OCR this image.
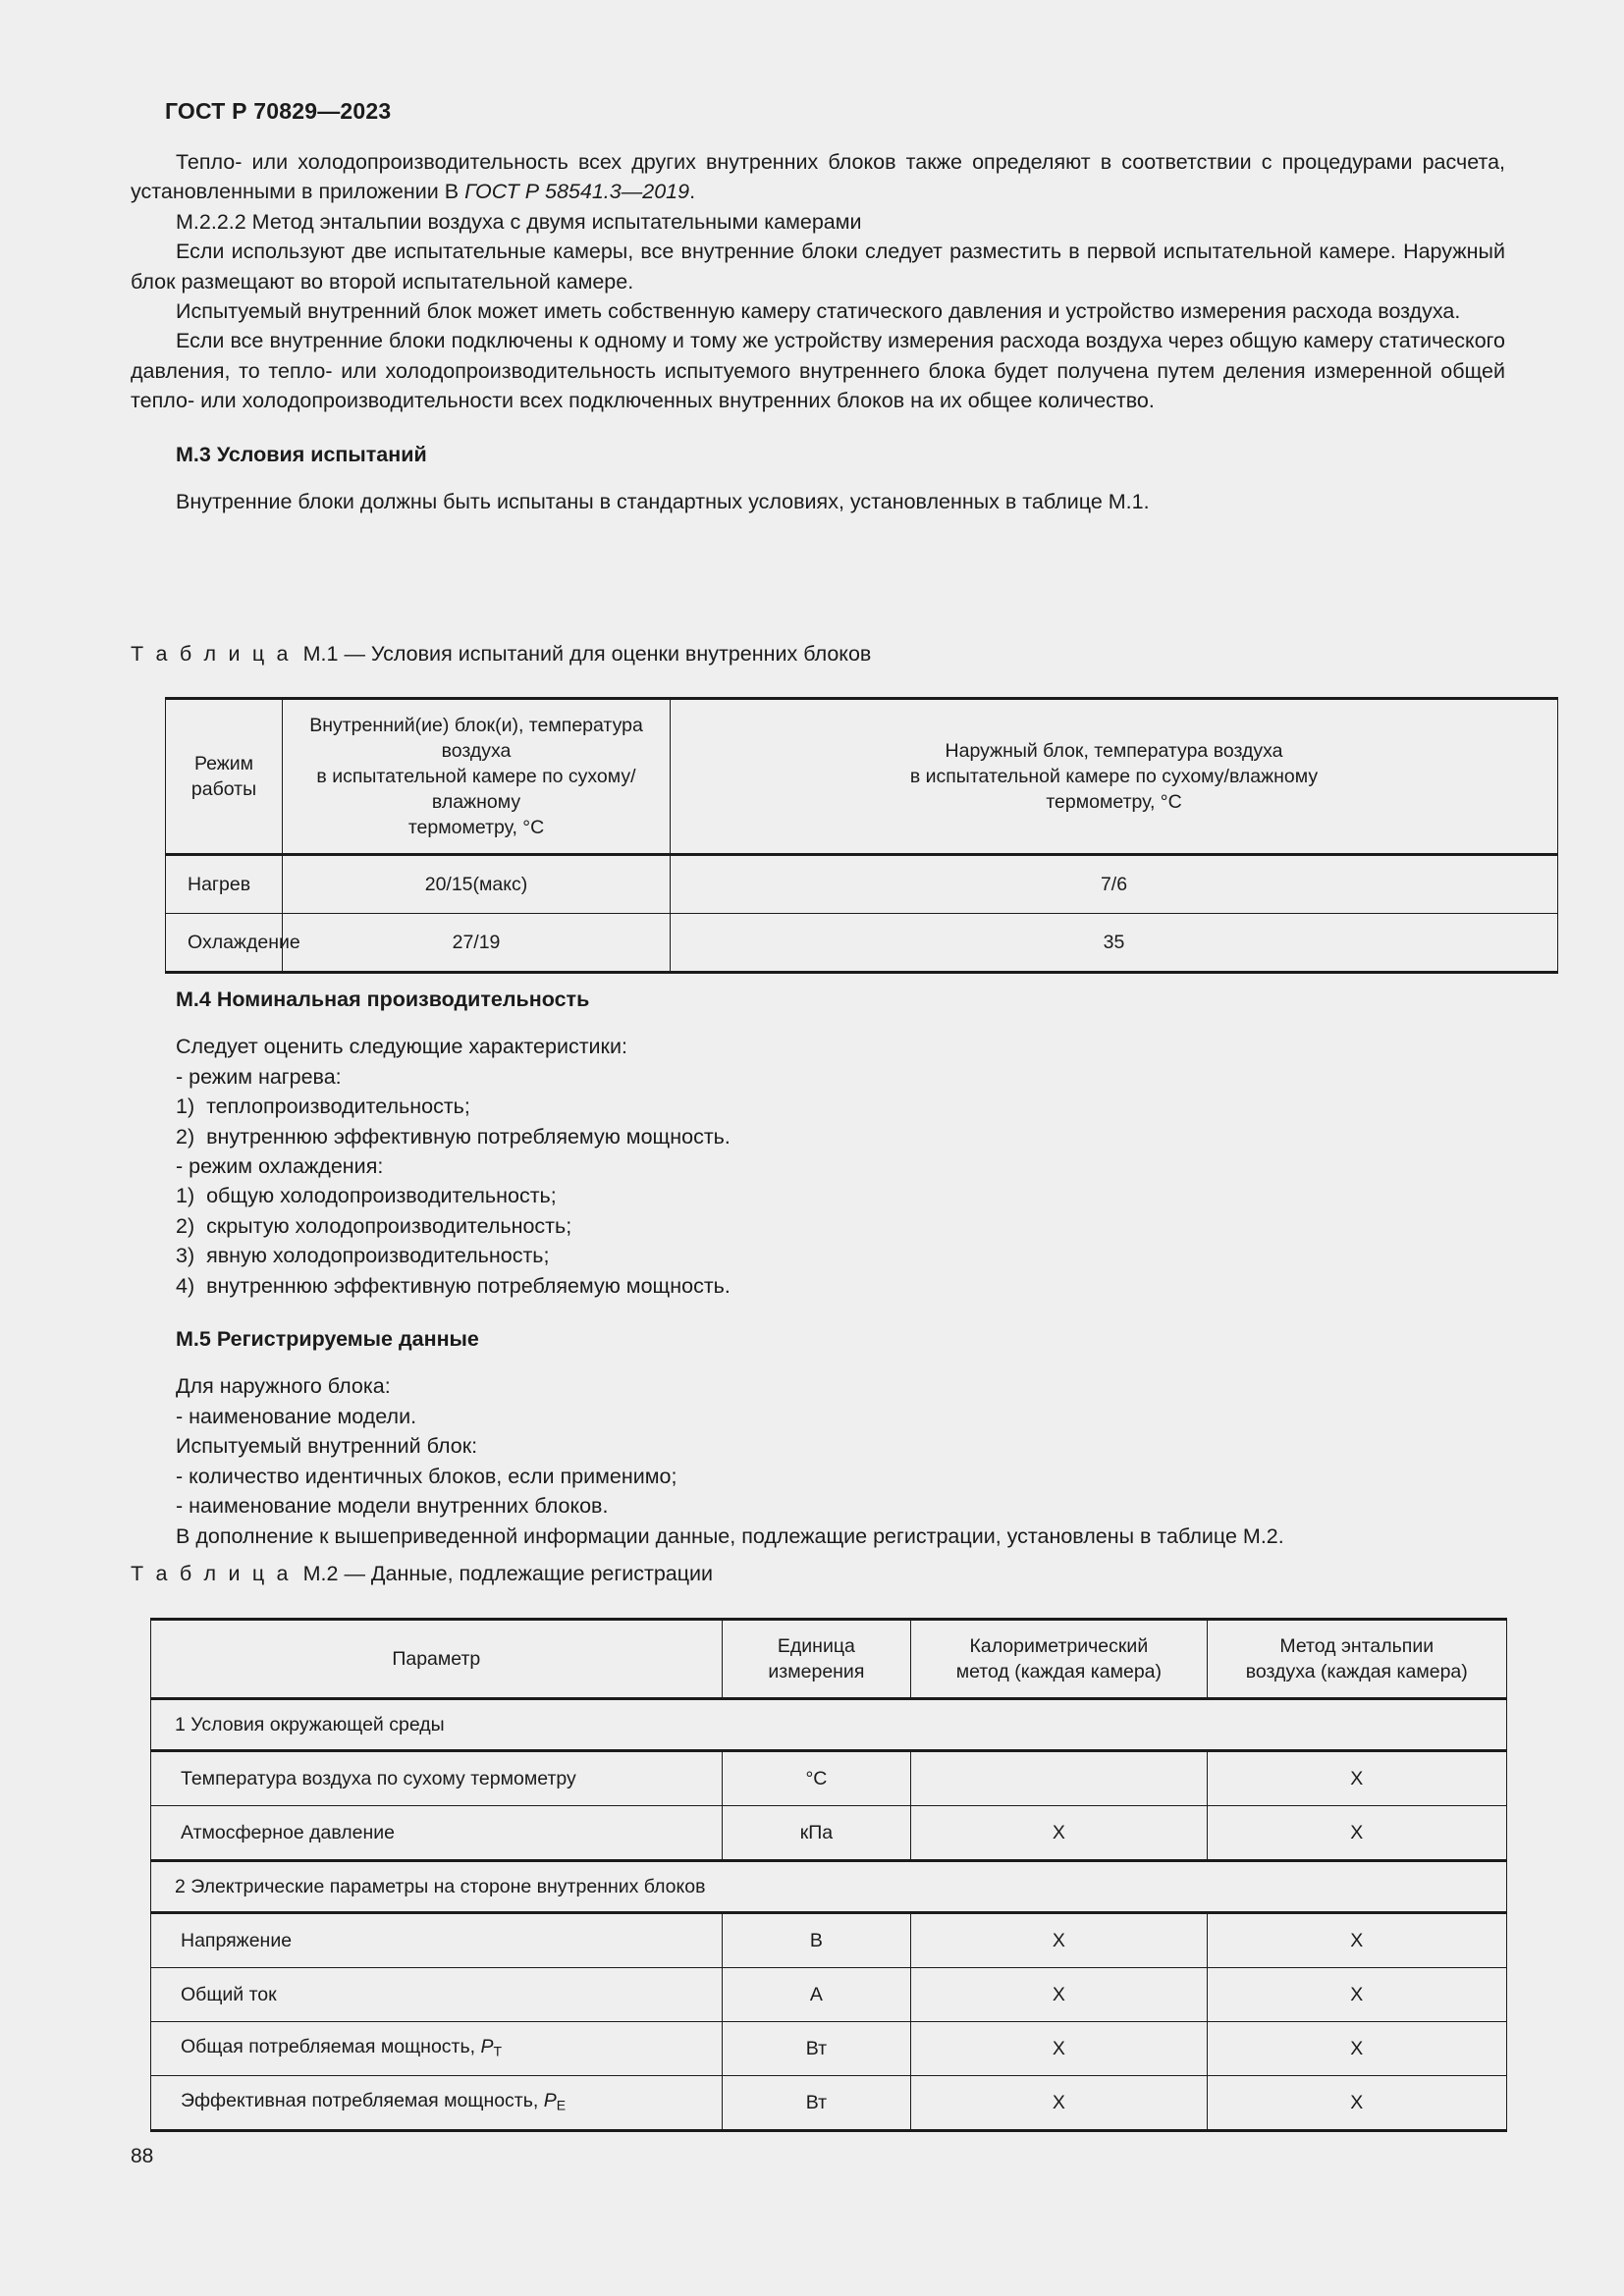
ГОСТ Р 70829—2023

Тепло- или холодопроизводительность всех других внутренних блоков также определяют в соответствии с процедурами расчета, установленными в приложении В ГОСТ Р 58541.3—2019.

М.2.2.2 Метод энтальпии воздуха с двумя испытательными камерами

Если используют две испытательные камеры, все внутренние блоки следует разместить в первой испытательной камере. Наружный блок размещают во второй испытательной камере.

Испытуемый внутренний блок может иметь собственную камеру статического давления и устройство измерения расхода воздуха.

Если все внутренние блоки подключены к одному и тому же устройству измерения расхода воздуха через общую камеру статического давления, то тепло- или холодопроизводительность испытуемого внутреннего блока будет получена путем деления измеренной общей тепло- или холодопроизводительности всех подключенных внутренних блоков на их общее количество.

М.3 Условия испытаний

Внутренние блоки должны быть испытаны в стандартных условиях, установленных в таблице М.1.

Т а б л и ц а М.1 — Условия испытаний для оценки внутренних блоков

Режим работы	
Внутренний(ие) блок(и), температура воздуха
в испытательной камере по сухому/влажному
термометру, °С

Наружный блок, температура воздуха
в испытательной камере по сухому/влажному
термометру, °С

Нагрев	20/15(макс)	7/6
Охлаждение	27/19	35

М.4 Номинальная производительность

Следует оценить следующие характеристики:

- режим нагрева:

1)  теплопроизводительность;

2)  внутреннюю эффективную потребляемую мощность.

- режим охлаждения:

1)  общую холодопроизводительность;

2)  скрытую холодопроизводительность;

3)  явную холодопроизводительность;

4)  внутреннюю эффективную потребляемую мощность.

М.5 Регистрируемые данные

Для наружного блока:

- наименование модели.

Испытуемый внутренний блок:

- количество идентичных блоков, если применимо;

- наименование модели внутренних блоков.

В дополнение к вышеприведенной информации данные, подлежащие регистрации, установлены в таблице М.2.

Т а б л и ц а М.2 — Данные, подлежащие регистрации

Параметр	
Единица
измерения

Калориметрический
метод (каждая камера)

Метод энтальпии
воздуха (каждая камера)

1 Условия окружающей среды			
Температура воздуха по сухому термометру	°С		X
Атмосферное давление	кПа	X	X
2 Электрические параметры на стороне внутренних блоков			
Напряжение	В	X	X
Общий ток	А	X	X
Общая потребляемая мощность, $P_T$	Вт	X	X
Эффективная потребляемая мощность, $P_E$	Вт	X	X
88
